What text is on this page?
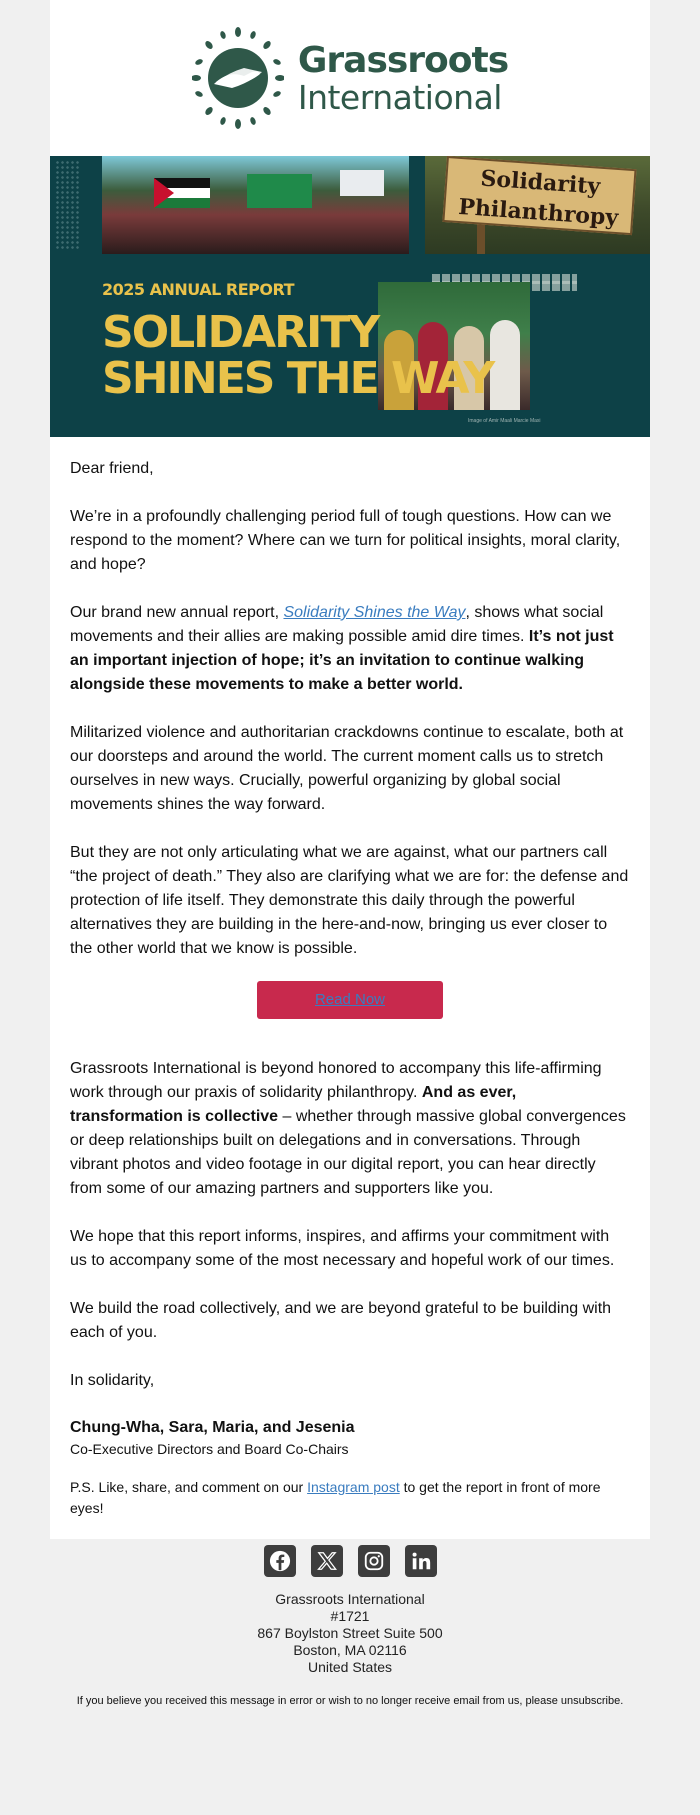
Grassroots
International
Solidarity
Philanthropy
2025 ANNUAL REPORT
SOLIDARITY
SHINES THE WAY
Image of Amir Maali Marcie Maxi

Dear friend,

We’re in a profoundly challenging period full of tough questions. How can we respond to the moment? Where can we turn for political insights, moral clarity, and hope?

Our brand new annual report, Solidarity Shines the Way, shows what social movements and their allies are making possible amid dire times. It’s not just an important injection of hope; it’s an invitation to continue walking alongside these movements to make a better world.

Militarized violence and authoritarian crackdowns continue to escalate, both at our doorsteps and around the world. The current moment calls us to stretch ourselves in new ways. Crucially, powerful organizing by global social movements shines the way forward.

But they are not only articulating what we are against, what our partners call “the project of death.” They also are clarifying what we are for: the defense and protection of life itself. They demonstrate this daily through the powerful alternatives they are building in the here-and-now, bringing us ever closer to the other world that we know is possible.

Read Now

Grassroots International is beyond honored to accompany this life-affirming work through our praxis of solidarity philanthropy. And as ever, transformation is collective – whether through massive global convergences or deep relationships built on delegations and in conversations. Through vibrant photos and video footage in our digital report, you can hear directly from some of our amazing partners and supporters like you.

We hope that this report informs, inspires, and affirms your commitment with us to accompany some of the most necessary and hopeful work of our times.

We build the road collectively, and we are beyond grateful to be building with each of you.

In solidarity,
Chung-Wha, Sara, Maria, and Jesenia
Co-Executive Directors and Board Co-Chairs
P.S. Like, share, and comment on our Instagram post to get the report in front of more eyes!
Grassroots International
#1721
867 Boylston Street Suite 500
Boston, MA 02116
United States
If you believe you received this message in error or wish to no longer receive email from us, please unsubscribe.
